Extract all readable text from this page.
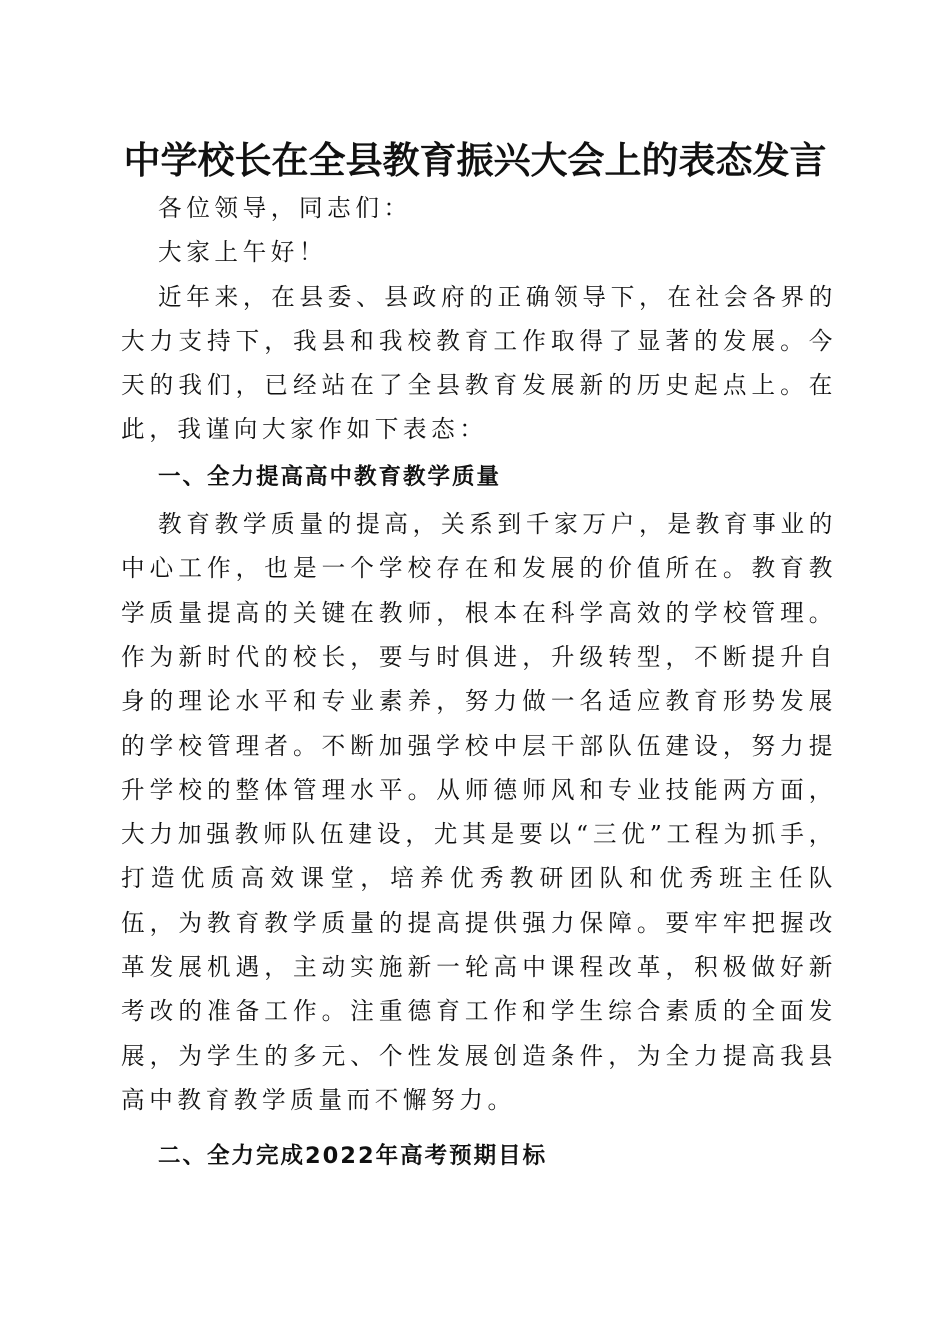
中学校长在全县教育振兴大会上的表态发言

各位领导，同志们：

大家上午好！

近年来，在县委、县政府的正确领导下，在社会各界的大力支持下，我县和我校教育工作取得了显著的发展。今天的我们，已经站在了全县教育发展新的历史起点上。在此，我谨向大家作如下表态：

一、全力提高高中教育教学质量

教育教学质量的提高，关系到千家万户，是教育事业的中心工作，也是一个学校存在和发展的价值所在。教育教学质量提高的关键在教师，根本在科学高效的学校管理。作为新时代的校长，要与时俱进，升级转型，不断提升自身的理论水平和专业素养，努力做一名适应教育形势发展的学校管理者。不断加强学校中层干部队伍建设，努力提升学校的整体管理水平。从师德师风和专业技能两方面，大力加强教师队伍建设，尤其是要以“三优”工程为抓手，打造优质高效课堂，培养优秀教研团队和优秀班主任队伍，为教育教学质量的提高提供强力保障。要牢牢把握改革发展机遇，主动实施新一轮高中课程改革，积极做好新考改的准备工作。注重德育工作和学生综合素质的全面发展，为学生的多元、个性发展创造条件，为全力提高我县高中教育教学质量而不懈努力。

二、全力完成2022年高考预期目标
